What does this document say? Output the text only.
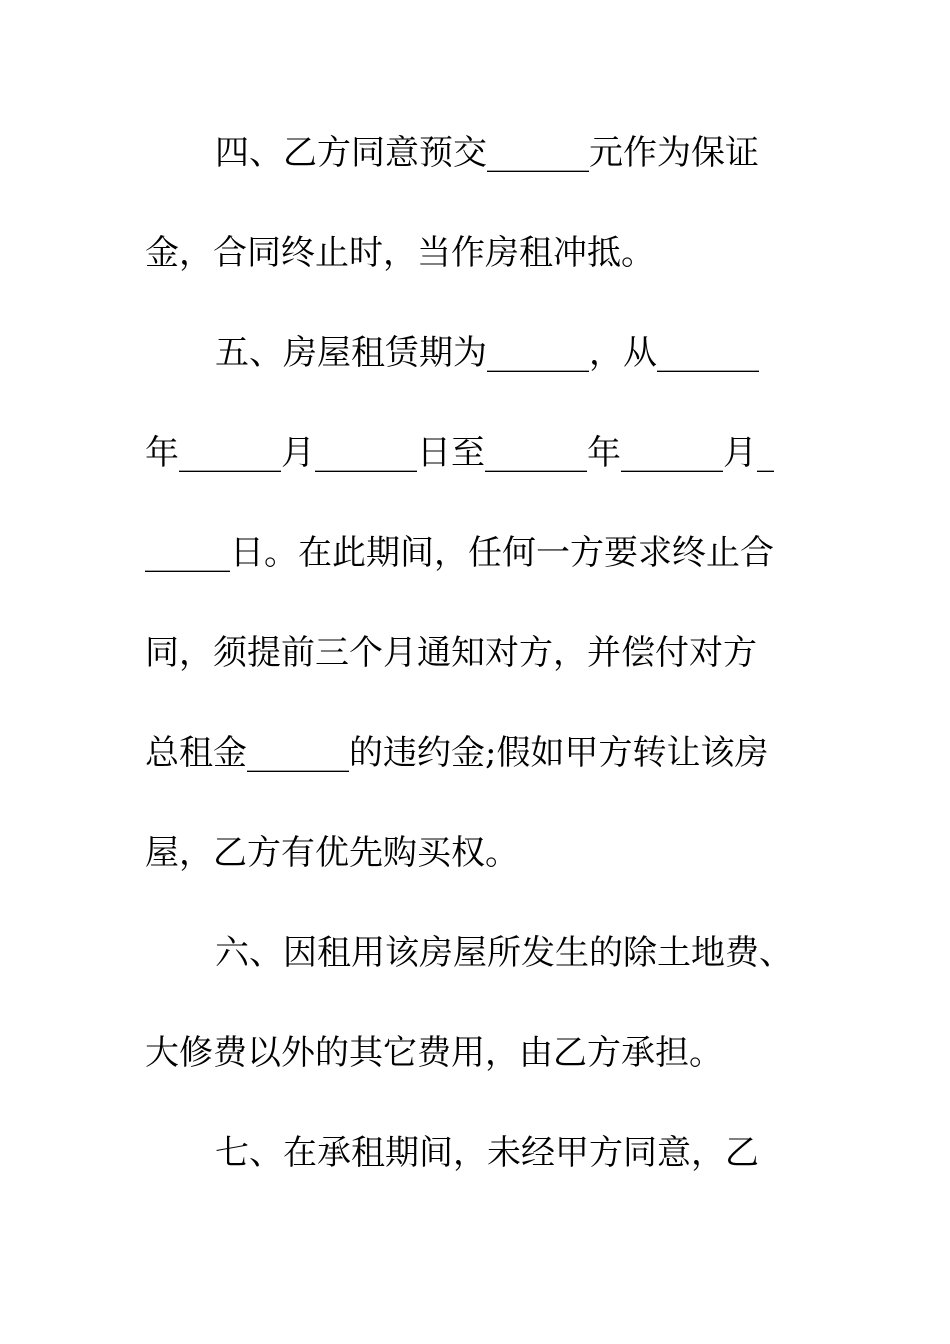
四、乙方同意预交______元作为保证
金，合同终止时，当作房租冲抵。
五、房屋租赁期为______，从______
年______月______日至______年______月_
_____日。在此期间，任何一方要求终止合
同，须提前三个月通知对方，并偿付对方
总租金______的违约金;假如甲方转让该房
屋，乙方有优先购买权。
六、因租用该房屋所发生的除土地费、
大修费以外的其它费用，由乙方承担。
七、在承租期间，未经甲方同意，乙
